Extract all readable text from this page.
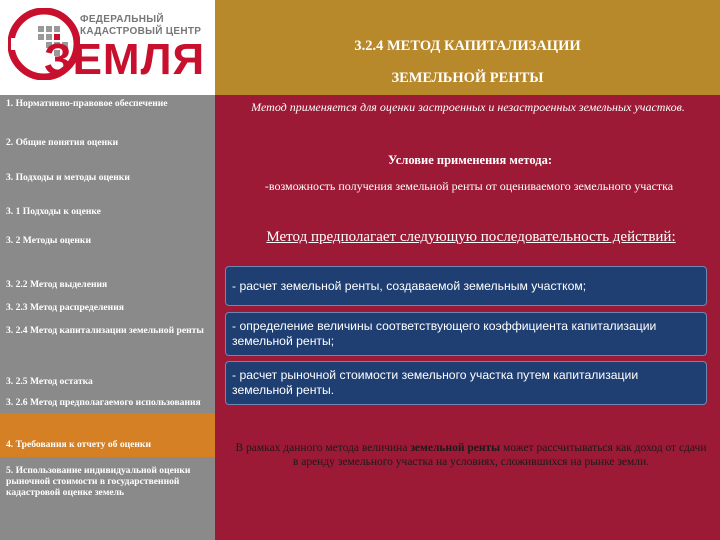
ФЕДЕРАЛЬНЫЙ
КАДАСТРОВЫЙ ЦЕНТР
ЗЕМЛЯ	3.2.4 МЕТОД КАПИТАЛИЗАЦИИ
ЗЕМЕЛЬНОЙ РЕНТЫ
1. Нормативно-правовое обеспечение
2. Общие понятия оценки
3. Подходы и методы оценки
3. 1 Подходы к оценке
3. 2 Методы оценки
3. 2.2 Метод выделения
3. 2.3 Метод распределения
3. 2.4 Метод капитализации земельной ренты
3. 2.5 Метод остатка
3. 2.6 Метод предполагаемого использования
4. Требования к отчету об оценки
5. Использование индивидуальной оценки рыночной стоимости в государственной кадастровой оценке земель
Метод применяется для оценки застроенных и незастроенных земельных участков.
Условие применения метода:
-возможность получения земельной ренты от оцениваемого земельного участка
Метод предполагает следующую последовательность действий:
- расчет земельной ренты, создаваемой земельным участком;
- определение величины соответствующего коэффициента капитализации земельной ренты;
- расчет рыночной стоимости земельного участка путем капитализации земельной ренты.
В рамках данного метода величина земельной ренты может рассчитываться как доход от сдачи в аренду земельного участка на условиях, сложившихся на рынке земли.
